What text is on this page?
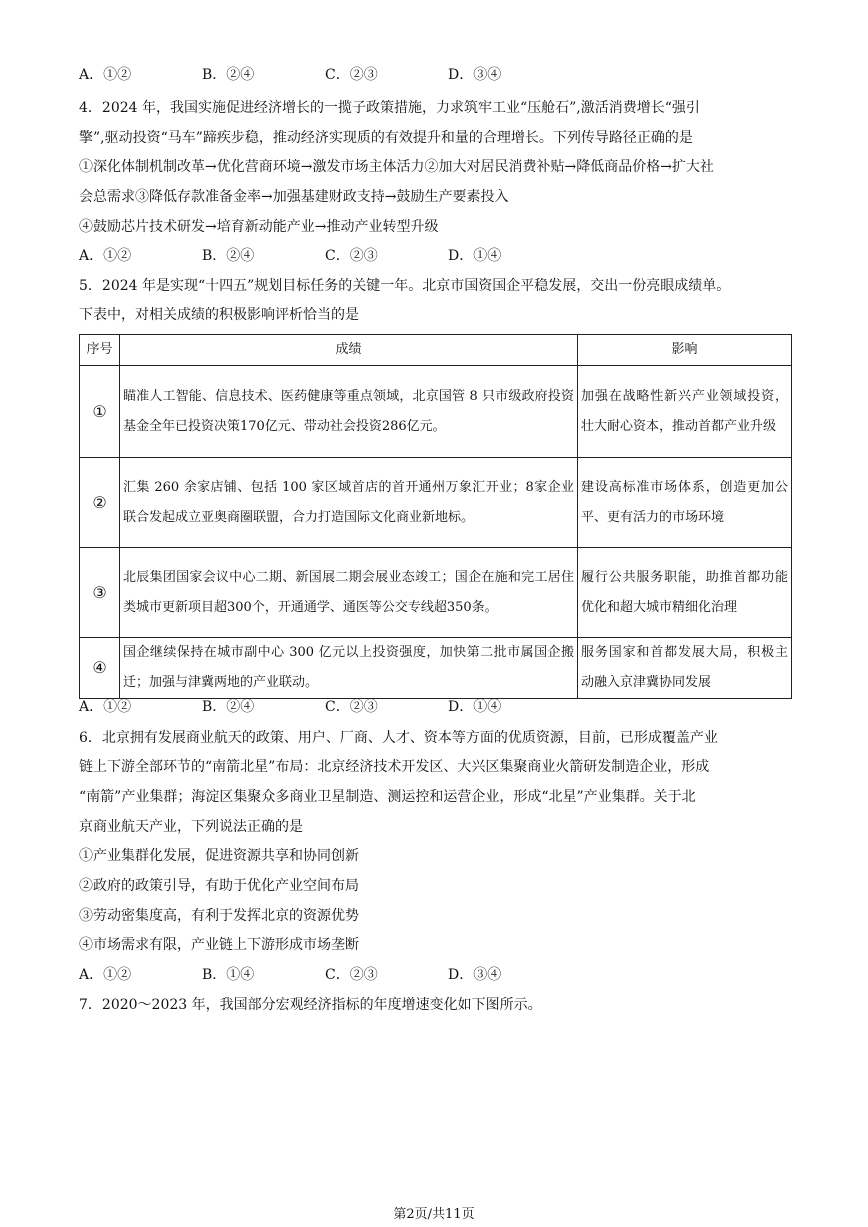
A．①②	B．②④	C．②③	D．③④
4．2024 年，我国实施促进经济增长的一揽子政策措施，力求筑牢工业“压舱石”,激活消费增长“强引
擎”,驱动投资“马车”蹄疾步稳，推动经济实现质的有效提升和量的合理增长。下列传导路径正确的是
①深化体制机制改革→优化营商环境→激发市场主体活力②加大对居民消费补贴→降低商品价格→扩大社
会总需求③降低存款准备金率→加强基建财政支持→鼓励生产要素投入
④鼓励芯片技术研发→培育新动能产业→推动产业转型升级
A．①②	B．②④	C．②③	D．①④
5．2024 年是实现“十四五”规划目标任务的关键一年。北京市国资国企平稳发展，交出一份亮眼成绩单。
下表中，对相关成绩的积极影响评析恰当的是
序号	成绩	影响
①	瞄准人工智能、信息技术、医药健康等重点领域，北京国管 8 只市级政府投资基金全年已投资决策170亿元、带动社会投资286亿元。	加强在战略性新兴产业领域投资，壮大耐心资本，推动首都产业升级
②	汇集 260 余家店铺、包括 100 家区域首店的首开通州万象汇开业；8家企业联合发起成立亚奥商圈联盟，合力打造国际文化商业新地标。	建设高标准市场体系，创造更加公平、更有活力的市场环境
③	北辰集团国家会议中心二期、新国展二期会展业态竣工；国企在施和完工居住类城市更新项目超300个，开通通学、通医等公交专线超350条。	履行公共服务职能，助推首都功能优化和超大城市精细化治理
④	国企继续保持在城市副中心 300 亿元以上投资强度，加快第二批市属国企搬迁；加强与津冀两地的产业联动。	服务国家和首都发展大局，积极主动融入京津冀协同发展
A．①②	B．②④	C．②③	D．①④
6．北京拥有发展商业航天的政策、用户、厂商、人才、资本等方面的优质资源，目前，已形成覆盖产业
链上下游全部环节的“南箭北星”布局：北京经济技术开发区、大兴区集聚商业火箭研发制造企业，形成
“南箭”产业集群；海淀区集聚众多商业卫星制造、测运控和运营企业，形成“北星”产业集群。关于北
京商业航天产业，下列说法正确的是
①产业集群化发展，促进资源共享和协同创新
②政府的政策引导，有助于优化产业空间布局
③劳动密集度高，有利于发挥北京的资源优势
④市场需求有限，产业链上下游形成市场垄断
A．①②	B．①④	C．②③	D．③④
7．2020～2023 年，我国部分宏观经济指标的年度增速变化如下图所示。
第2页/共11页
